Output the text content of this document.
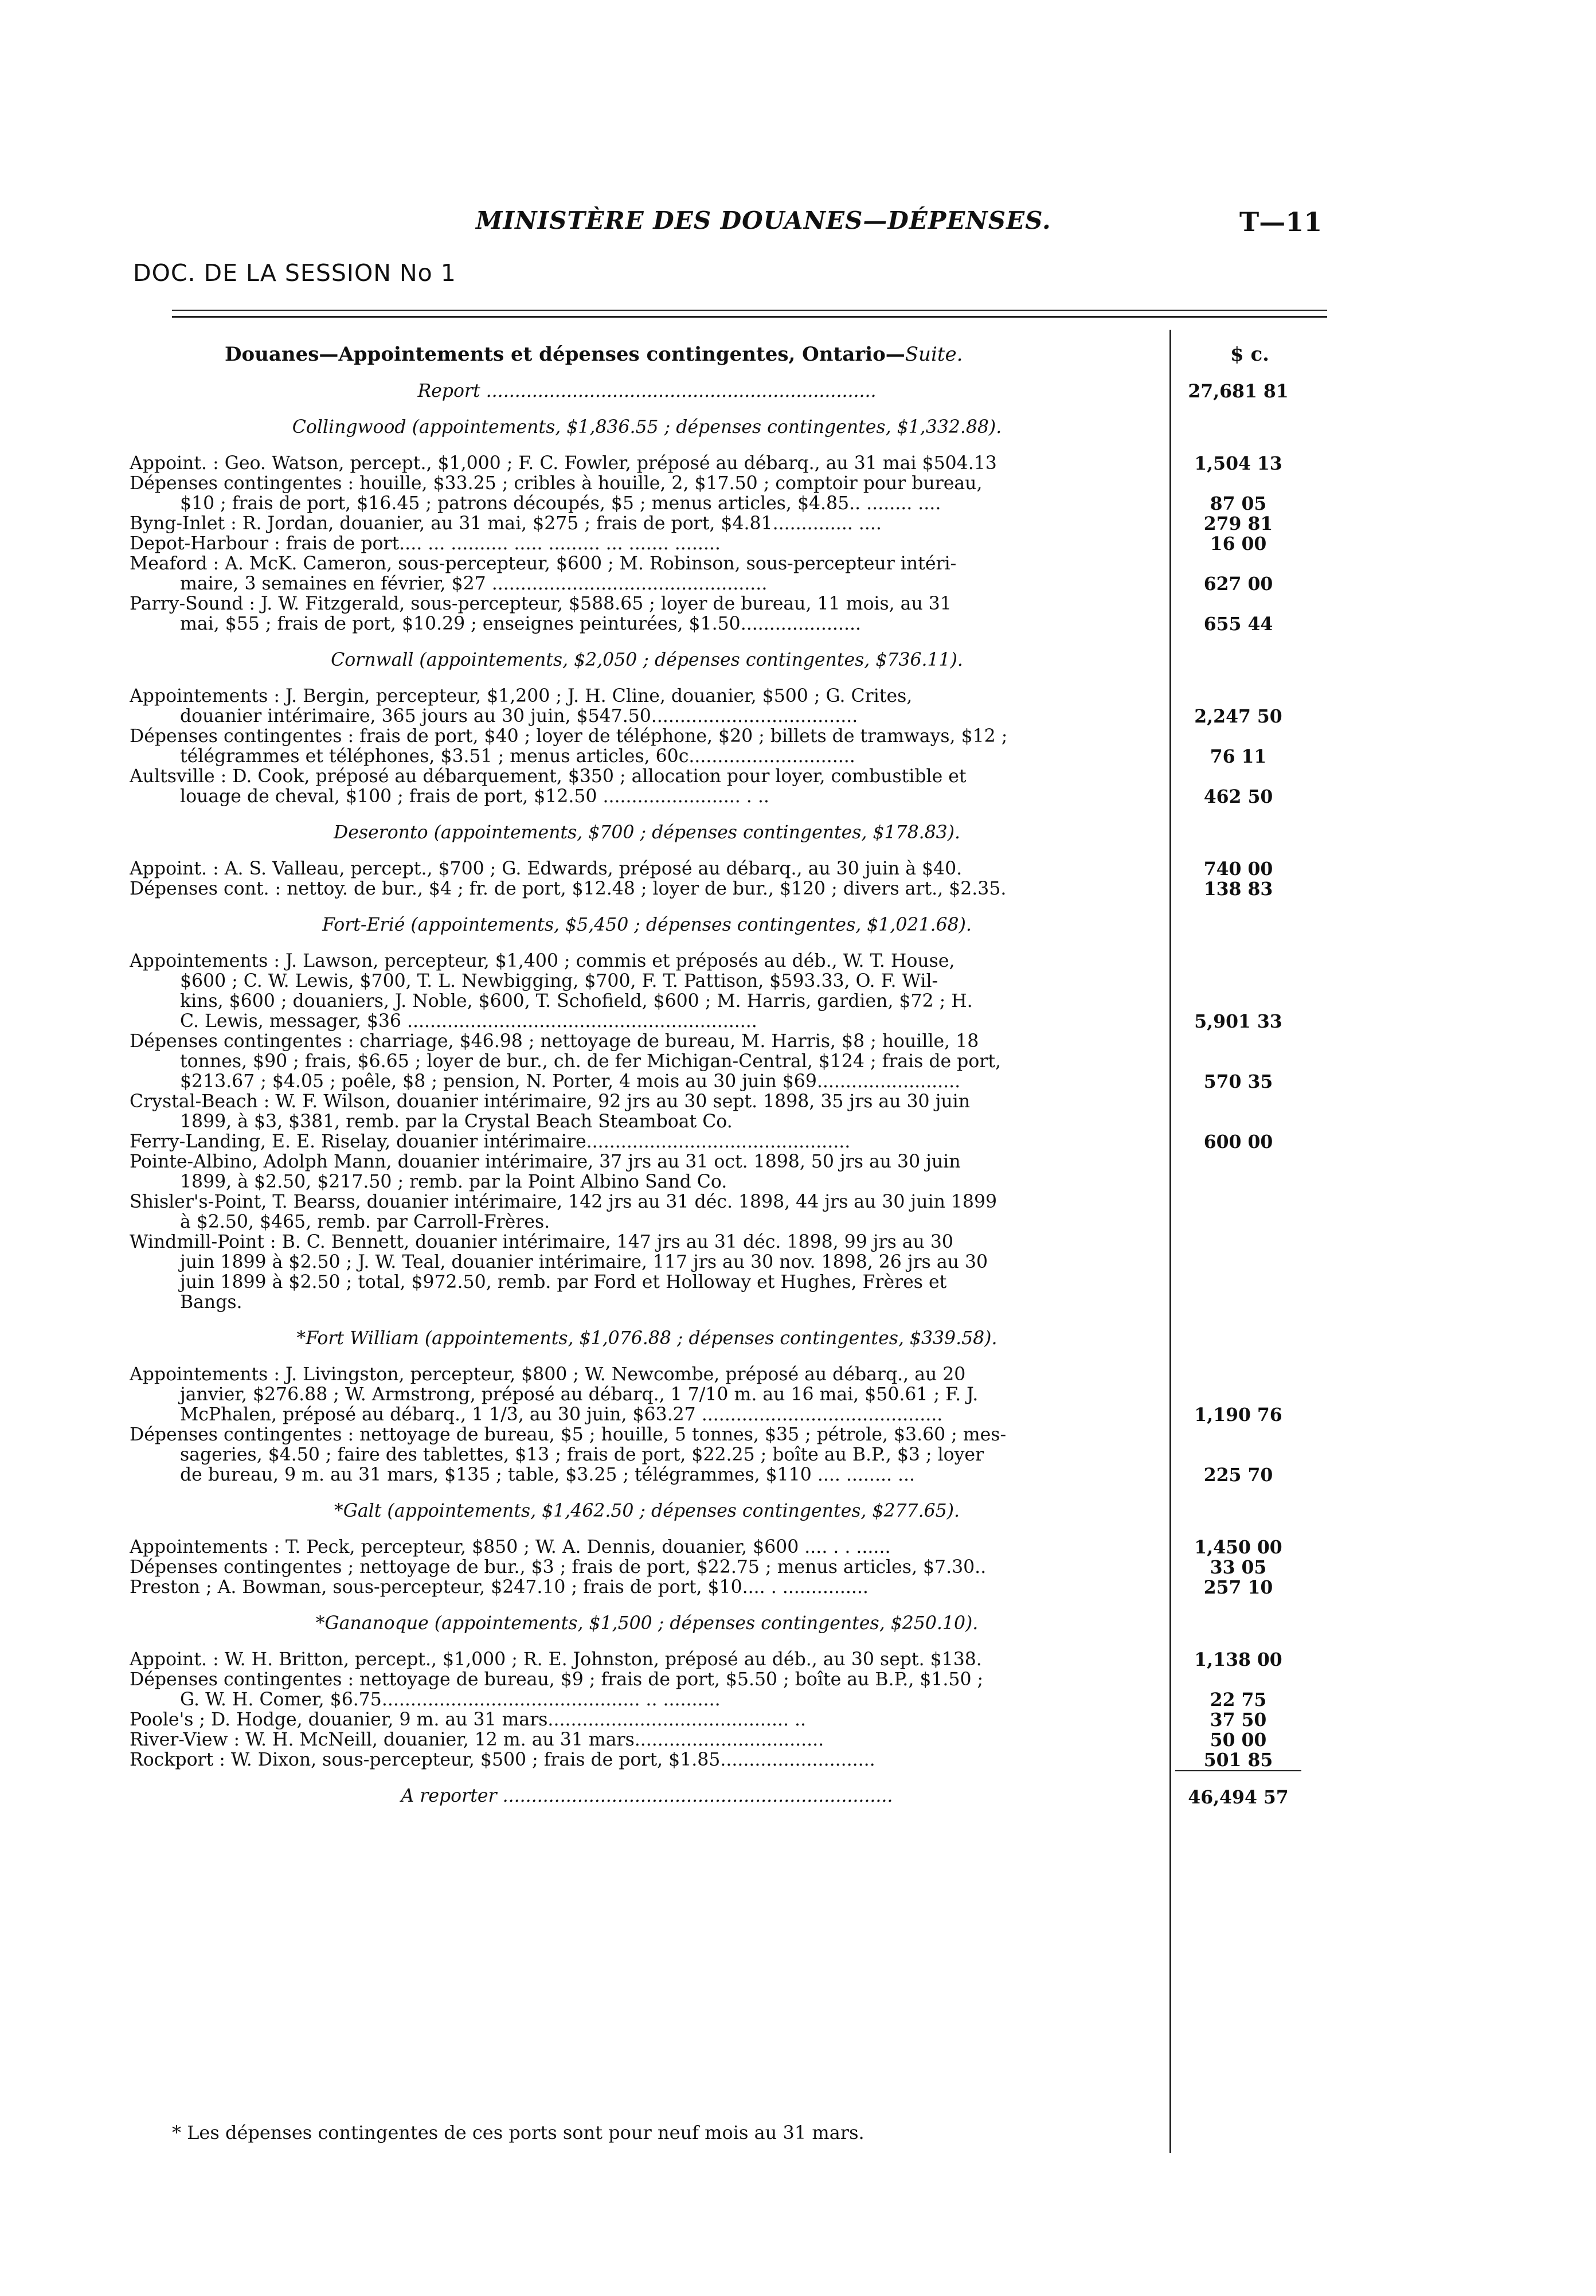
MINISTÈRE DES DOUANES—DÉPENSES.	T—11
DOC. DE LA SESSION No 1
Douanes—Appointements et dépenses contingentes, Ontario—Suite.	$ c.
Report ....................................................................
Collingwood (appointements, $1,836.55 ; dépenses contingentes, $1,332.88).
Appoint. : Geo. Watson, percept., $1,000 ; F. C. Fowler, préposé au débarq., au 31 mai $504.13
Dépenses contingentes : houille, $33.25 ; cribles à houille, 2, $17.50 ; comptoir pour bureau,
$10 ; frais de port, $16.45 ; patrons découpés, $5 ; menus articles, $4.85.. ........ ....
Byng-Inlet : R. Jordan, douanier, au 31 mai, $275 ; frais de port, $4.81.............. ....
Depot-Harbour : frais de port.... ... .......... ..... ......... ... ....... ........
Meaford : A. McK. Cameron, sous-percepteur, $600 ; M. Robinson, sous-percepteur intéri-
maire, 3 semaines en février, $27 ................................................
Parry-Sound : J. W. Fitzgerald, sous-percepteur, $588.65 ; loyer de bureau, 11 mois, au 31
mai, $55 ; frais de port, $10.29 ; enseignes peinturées, $1.50.....................
Cornwall (appointements, $2,050 ; dépenses contingentes, $736.11).
Appointements : J. Bergin, percepteur, $1,200 ; J. H. Cline, douanier, $500 ; G. Crites,
douanier intérimaire, 365 jours au 30 juin, $547.50....................................
Dépenses contingentes : frais de port, $40 ; loyer de téléphone, $20 ; billets de tramways, $12 ;
télégrammes et téléphones, $3.51 ; menus articles, 60c.............................
Aultsville : D. Cook, préposé au débarquement, $350 ; allocation pour loyer, combustible et
louage de cheval, $100 ; frais de port, $12.50 ........................ . ..
Deseronto (appointements, $700 ; dépenses contingentes, $178.83).
Appoint. : A. S. Valleau, percept., $700 ; G. Edwards, préposé au débarq., au 30 juin à $40.
Dépenses cont. : nettoy. de bur., $4 ; fr. de port, $12.48 ; loyer de bur., $120 ; divers art., $2.35.
Fort-Erié (appointements, $5,450 ; dépenses contingentes, $1,021.68).
Appointements : J. Lawson, percepteur, $1,400 ; commis et préposés au déb., W. T. House,
$600 ; C. W. Lewis, $700, T. L. Newbigging, $700, F. T. Pattison, $593.33, O. F. Wil-
kins, $600 ; douaniers, J. Noble, $600, T. Schofield, $600 ; M. Harris, gardien, $72 ; H.
C. Lewis, messager, $36 .............................................................
Dépenses contingentes : charriage, $46.98 ; nettoyage de bureau, M. Harris, $8 ; houille, 18
tonnes, $90 ; frais, $6.65 ; loyer de bur., ch. de fer Michigan-Central, $124 ; frais de port,
$213.67 ; $4.05 ; poêle, $8 ; pension, N. Porter, 4 mois au 30 juin $69.........................
Crystal-Beach : W. F. Wilson, douanier intérimaire, 92 jrs au 30 sept. 1898, 35 jrs au 30 juin
1899, à $3, $381, remb. par la Crystal Beach Steamboat Co.
Ferry-Landing, E. E. Riselay, douanier intérimaire..............................................
Pointe-Albino, Adolph Mann, douanier intérimaire, 37 jrs au 31 oct. 1898, 50 jrs au 30 juin
1899, à $2.50, $217.50 ; remb. par la Point Albino Sand Co.
Shisler's-Point, T. Bearss, douanier intérimaire, 142 jrs au 31 déc. 1898, 44 jrs au 30 juin 1899
à $2.50, $465, remb. par Carroll-Frères.
Windmill-Point : B. C. Bennett, douanier intérimaire, 147 jrs au 31 déc. 1898, 99 jrs au 30
juin 1899 à $2.50 ; J. W. Teal, douanier intérimaire, 117 jrs au 30 nov. 1898, 26 jrs au 30
juin 1899 à $2.50 ; total, $972.50, remb. par Ford et Holloway et Hughes, Frères et
Bangs.
*Fort William (appointements, $1,076.88 ; dépenses contingentes, $339.58).
Appointements : J. Livingston, percepteur, $800 ; W. Newcombe, préposé au débarq., au 20
janvier, $276.88 ; W. Armstrong, préposé au débarq., 1 7/10 m. au 16 mai, $50.61 ; F. J.
McPhalen, préposé au débarq., 1 1/3, au 30 juin, $63.27 ..........................................
Dépenses contingentes : nettoyage de bureau, $5 ; houille, 5 tonnes, $35 ; pétrole, $3.60 ; mes-
sageries, $4.50 ; faire des tablettes, $13 ; frais de port, $22.25 ; boîte au B.P., $3 ; loyer
de bureau, 9 m. au 31 mars, $135 ; table, $3.25 ; télégrammes, $110 .... ........ ...
*Galt (appointements, $1,462.50 ; dépenses contingentes, $277.65).
Appointements : T. Peck, percepteur, $850 ; W. A. Dennis, douanier, $600 .... . . ......
Dépenses contingentes ; nettoyage de bur., $3 ; frais de port, $22.75 ; menus articles, $7.30..
Preston ; A. Bowman, sous-percepteur, $247.10 ; frais de port, $10.... . ...............
*Gananoque (appointements, $1,500 ; dépenses contingentes, $250.10).
Appoint. : W. H. Britton, percept., $1,000 ; R. E. Johnston, préposé au déb., au 30 sept. $138.
Dépenses contingentes : nettoyage de bureau, $9 ; frais de port, $5.50 ; boîte au B.P., $1.50 ;
G. W. H. Comer, $6.75............................................. .. ..........
Poole's ; D. Hodge, douanier, 9 m. au 31 mars.......................................... ..
River-View : W. H. McNeill, douanier, 12 m. au 31 mars.................................
Rockport : W. Dixon, sous-percepteur, $500 ; frais de port, $1.85...........................
A reporter ....................................................................
27,681 81
1,504 13
87 05
279 81
16 00
627 00
655 44
2,247 50
76 11
462 50
740 00
138 83
5,901 33
570 35
600 00
1,190 76
225 70
1,450 00
33 05
257 10
1,138 00
22 75
37 50
50 00
501 85
46,494 57
* Les dépenses contingentes de ces ports sont pour neuf mois au 31 mars.
